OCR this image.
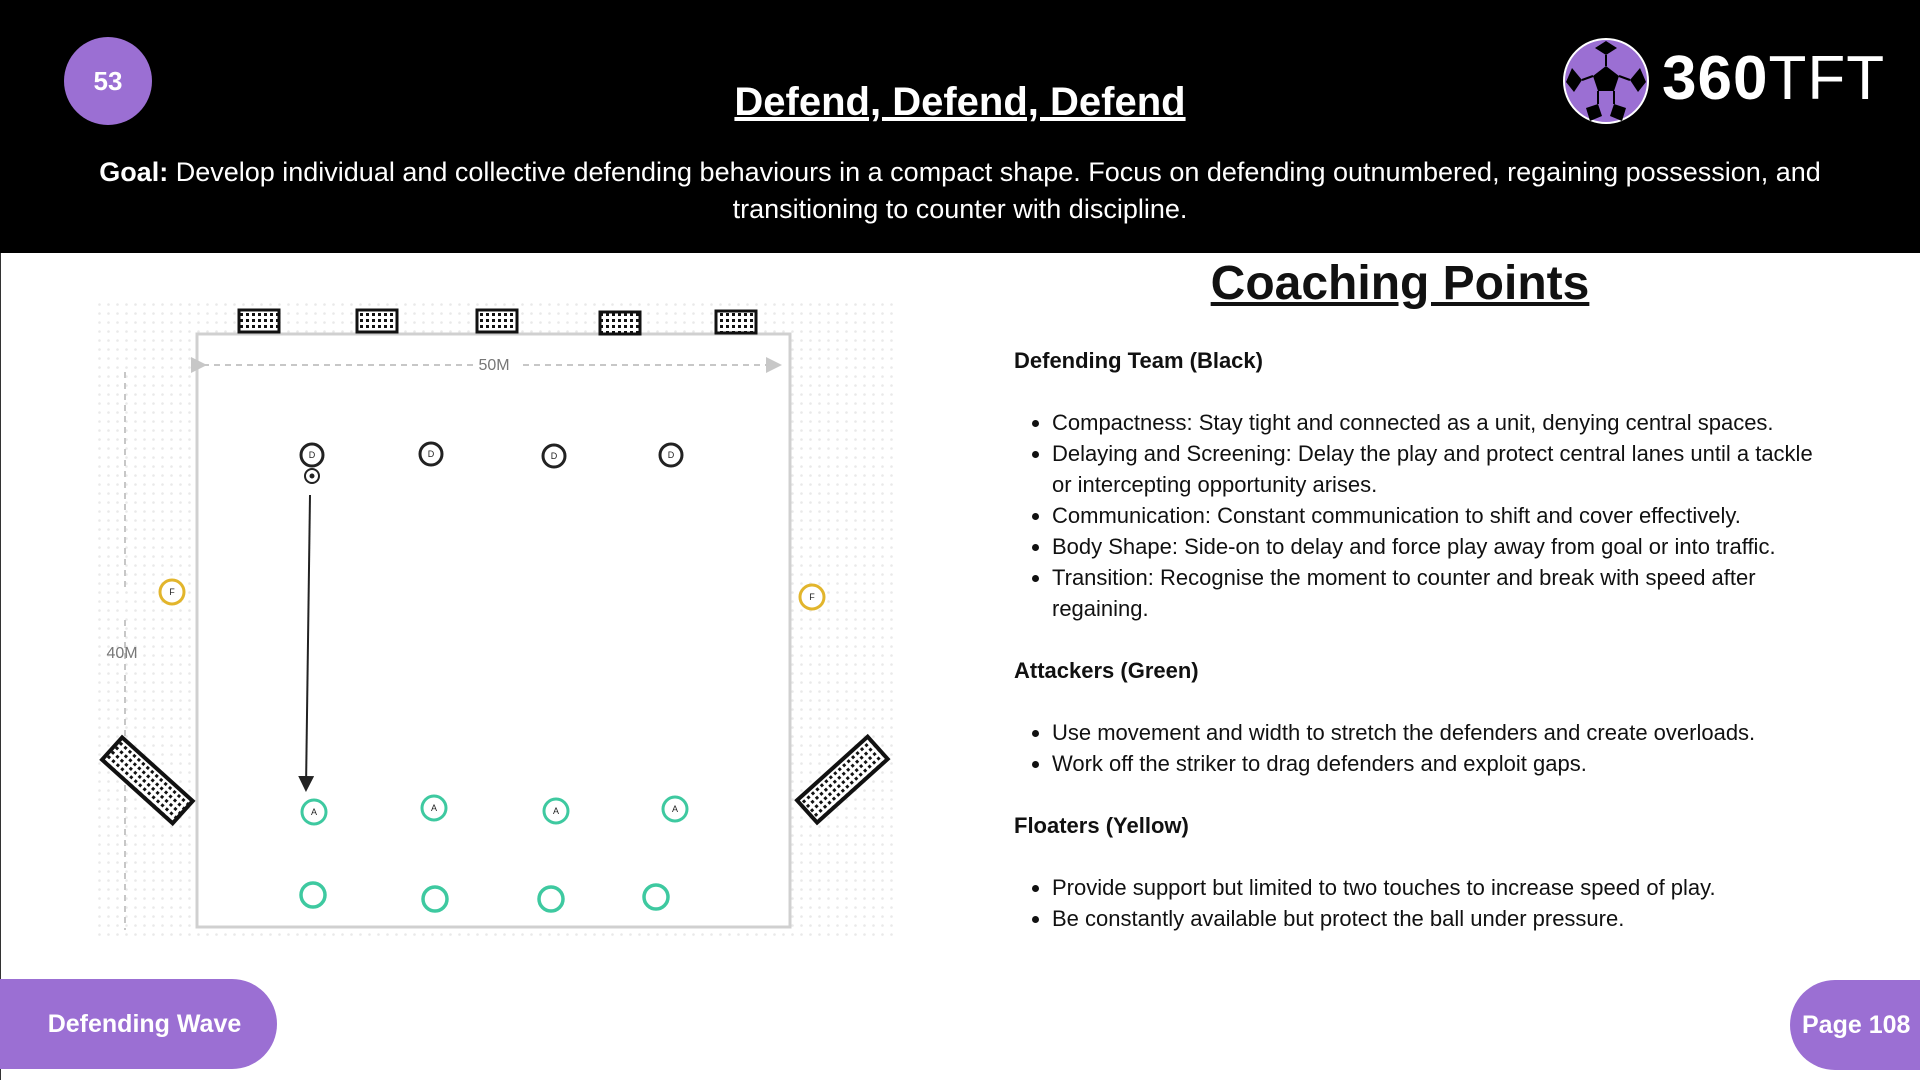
53	Defend, Defend, Defend
Goal: Develop individual and collective defending behaviours in a compact shape. Focus on defending outnumbered, regaining possession, and transitioning to counter with discipline.
360TFT
50M
40M
D	D	D	D
F	F
A	A	A	A
Coaching Points

Defending Team (Black)

• Compactness: Stay tight and connected as a unit, denying central spaces.
• Delaying and Screening: Delay the play and protect central lanes until a tackle or intercepting opportunity arises.
• Communication: Constant communication to shift and cover effectively.
• Body Shape: Side-on to delay and force play away from goal or into traffic.
• Transition: Recognise the moment to counter and break with speed after regaining.

Attackers (Green)

• Use movement and width to stretch the defenders and create overloads.
• Work off the striker to drag defenders and exploit gaps.

Floaters (Yellow)

• Provide support but limited to two touches to increase speed of play.
• Be constantly available but protect the ball under pressure.
Defending Wave	Page 108
